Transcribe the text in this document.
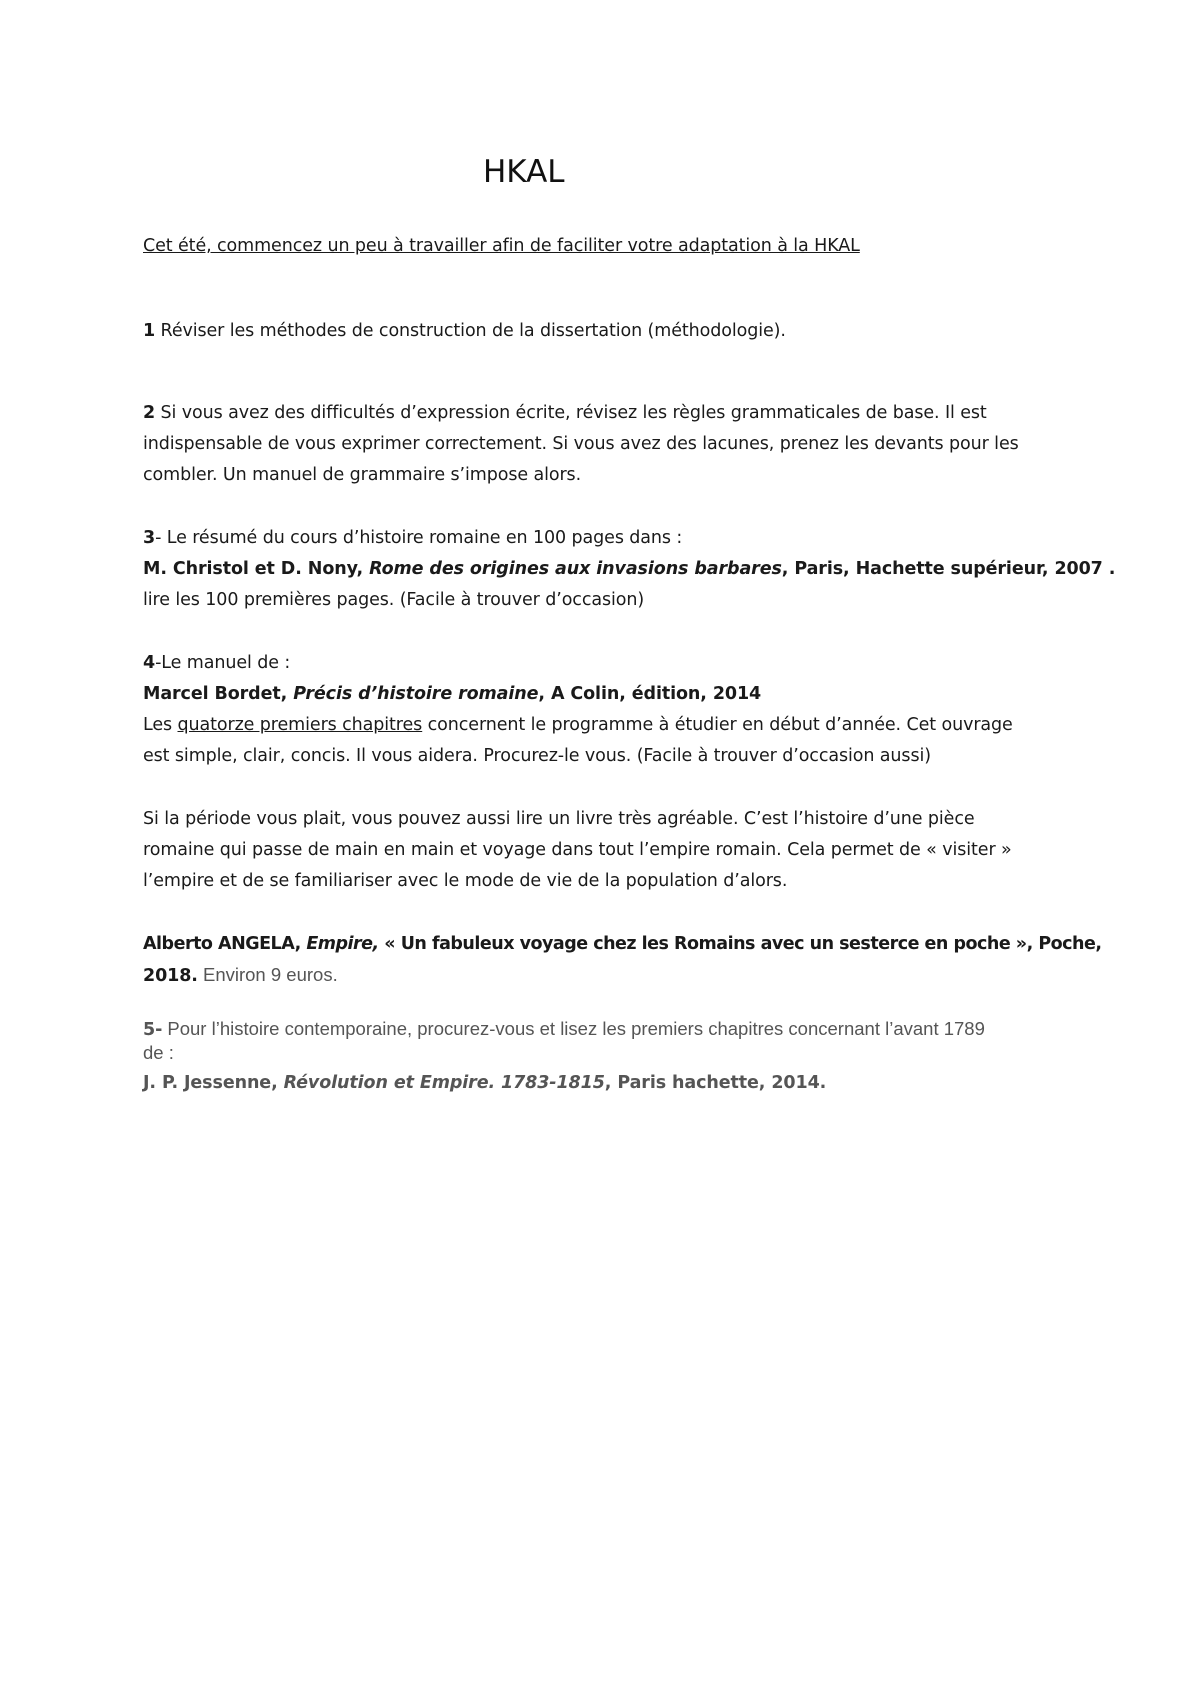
HKAL
Cet été, commencez un peu à travailler afin de faciliter votre adaptation à la HKAL
1 Réviser les méthodes de construction de la dissertation (méthodologie).
2 Si vous avez des difficultés d’expression écrite, révisez les règles grammaticales de base. Il est
indispensable de vous exprimer correctement. Si vous avez des lacunes, prenez les devants pour les
combler. Un manuel de grammaire s’impose alors.
3- Le résumé du cours d’histoire romaine en 100 pages dans :
M. Christol et D. Nony, Rome des origines aux invasions barbares, Paris, Hachette supérieur, 2007 .
lire les 100 premières pages. (Facile à trouver d’occasion)
4-Le manuel de :
Marcel Bordet, Précis d’histoire romaine, A Colin, édition, 2014
Les quatorze premiers chapitres concernent le programme à étudier en début d’année. Cet ouvrage
est simple, clair, concis. Il vous aidera. Procurez-le vous. (Facile à trouver d’occasion aussi)
Si la période vous plait, vous pouvez aussi lire un livre très agréable. C’est l’histoire d’une pièce
romaine qui passe de main en main et voyage dans tout l’empire romain. Cela permet de « visiter »
l’empire et de se familiariser avec le mode de vie de la population d’alors.
Alberto ANGELA, Empire, « Un fabuleux voyage chez les Romains avec un sesterce en poche », Poche,
2018. Environ 9 euros.
5- Pour l’histoire contemporaine, procurez-vous et lisez les premiers chapitres concernant l’avant 1789
de :
J. P. Jessenne, Révolution et Empire. 1783-1815, Paris hachette, 2014.
